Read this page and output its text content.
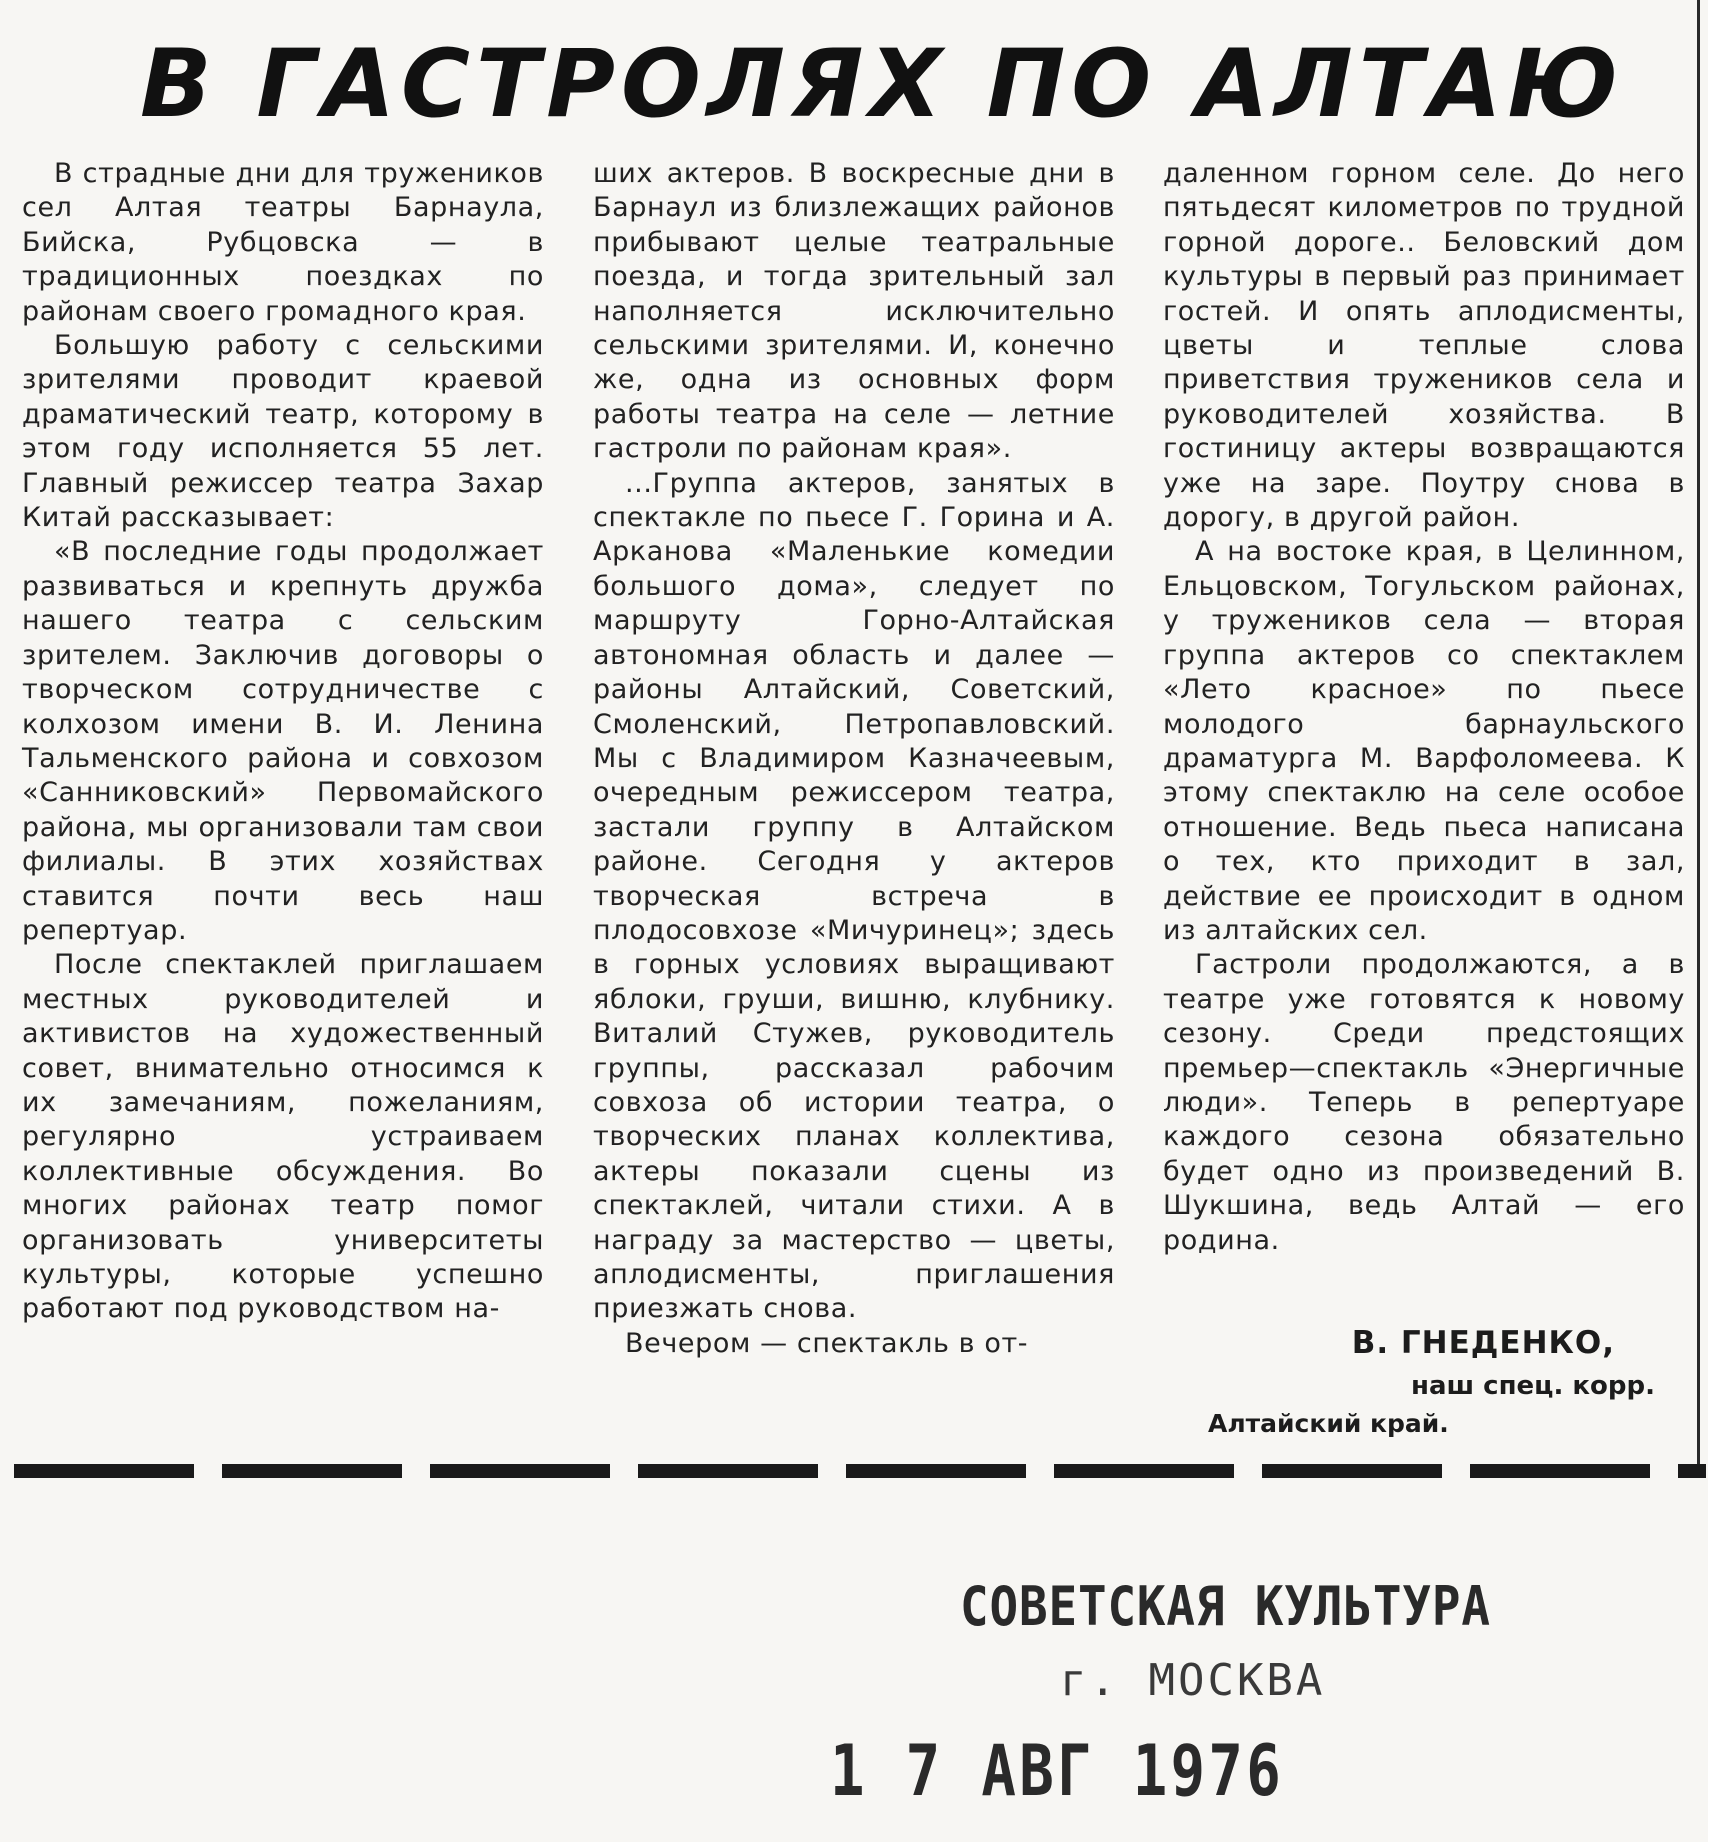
В ГАСТРОЛЯХ ПО АЛТАЮ

В страдные дни для тружеников сел Алтая театры Барнаула, Бийска, Рубцовска — в традиционных поездках по районам своего громадного края.

Большую работу с сельскими зрителями проводит краевой драматический театр, которому в этом году исполняется 55 лет. Главный режиссер театра Захар Китай рассказывает:

«В последние годы продолжает развиваться и крепнуть дружба нашего театра с сельским зрителем. Заключив договоры о творческом сотрудничестве с колхозом имени В. И. Ленина Тальменского района и совхозом «Санниковский» Первомайского района, мы организовали там свои филиалы. В этих хозяйствах ставится почти весь наш репертуар.

После спектаклей приглашаем местных руководителей и активистов на художественный совет, внимательно относимся к их замечаниям, пожеланиям, регулярно устраиваем коллективные обсуждения. Во многих районах театр помог организовать университеты культуры, которые успешно работают под руководством на-

ших актеров. В воскресные дни в Барнаул из близлежащих районов прибывают целые театральные поезда, и тогда зрительный зал наполняется исключительно сельскими зрителями. И, конечно же, одна из основных форм работы театра на селе — летние гастроли по районам края».

...Группа актеров, занятых в спектакле по пьесе Г. Горина и А. Арканова «Маленькие комедии большого дома», следует по маршруту Горно-Алтайская автономная область и далее — районы Алтайский, Советский, Смоленский, Петропавловский. Мы с Владимиром Казначеевым, очередным режиссером театра, застали группу в Алтайском районе. Сегодня у актеров творческая встреча в плодосовхозе «Мичуринец»; здесь в горных условиях выращивают яблоки, груши, вишню, клубнику. Виталий Стужев, руководитель группы, рассказал рабочим совхоза об истории театра, о творческих планах коллектива, актеры показали сцены из спектаклей, читали стихи. А в награду за мастерство — цветы, аплодисменты, приглашения приезжать снова.

Вечером — спектакль в от-

даленном горном селе. До него пятьдесят километров по трудной горной дороге.. Беловский дом культуры в первый раз принимает гостей. И опять аплодисменты, цветы и теплые слова приветствия тружеников села и руководителей хозяйства. В гостиницу актеры возвращаются уже на заре. Поутру снова в дорогу, в другой район.

А на востоке края, в Целинном, Ельцовском, Тогульском районах, у тружеников села — вторая группа актеров со спектаклем «Лето красное» по пьесе молодого барнаульского драматурга М. Варфоломеева. К этому спектаклю на селе особое отношение. Ведь пьеса написана о тех, кто приходит в зал, действие ее происходит в одном из алтайских сел.

Гастроли продолжаются, а в театре уже готовятся к новому сезону. Среди предстоящих премьер—спектакль «Энергичные люди». Теперь в репертуаре каждого сезона обязательно будет одно из произведений В. Шукшина, ведь Алтай — его родина.

В. ГНЕДЕНКО,
наш спец. корр.
Алтайский край.
СОВЕТСКАЯ КУЛЬТУРА
г. МОСКВА
1 7 АВГ 1976
